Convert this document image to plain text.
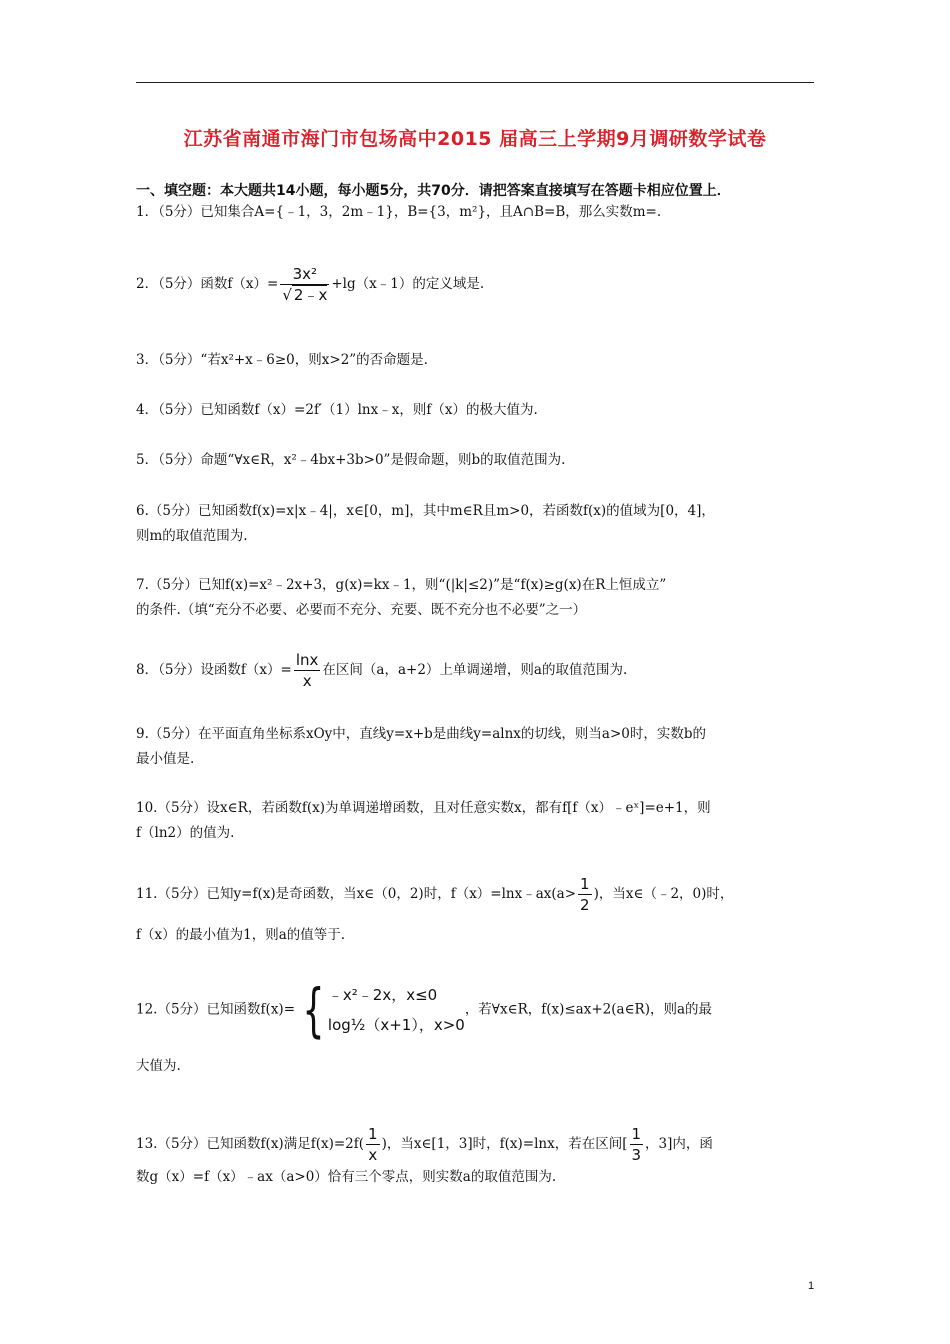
江苏省南通市海门市包场高中2015 届高三上学期9月调研数学试卷
一、填空题：本大题共14小题，每小题5分，共70分．请把答案直接填写在答题卡相应位置上．
1．（5分）已知集合A={﹣1，3，2m﹣1}，B={3，m²}，且A∩B=B，那么实数m=.
2．（5分）函数$f(x)= \frac{\text{3x²}}{√ 2﹣x}$ +lg（x﹣1）的定义域是.
3．（5分）“若x²+x﹣6≥0，则x>2”的否命题是.
4．（5分）已知函数f（x）=2f′（1）lnx﹣x，则f（x）的极大值为.
5．（5分）命题“∀x∈R，x²﹣4bx+3b>0”是假命题，则b的取值范围为.
6.（5分）已知函数f(x)=x|x﹣4|，x∈[0，m]，其中m∈R且m>0，若函数f(x)的值域为[0，4]，
则m的取值范围为.
7.（5分）已知f(x)=x²﹣2x+3，g(x)=kx﹣1，则“(|k|≤2)”是“f(x)≥g(x)在R上恒成立”
的条件.（填“充分不必要、必要而不充分、充要、既不充分也不必要”之一）
8．（5分）设函数$f(x)= \frac{\ln x}{x}$ 在区间（a，a+2）上单调递增，则a的取值范围为.
9.（5分）在平面直角坐标系xOy中，直线y=x+b是曲线y=alnx的切线，则当a>0时，实数b的
最小值是.
10.（5分）设x∈R，若函数f(x)为单调递增函数，且对任意实数x，都有f[f（x）﹣eˣ]=e+1，则
f（ln2）的值为.
11.（5分）已知y=f(x)是奇函数，当x∈（0，2)时，f（x）=lnx﹣ax(a> $\frac{1}{2}$ )，当x∈（﹣2，0)时，
f（x）的最小值为1，则a的值等于.
12.（5分）已知函数f(x)= { ﹣x²﹣2x，x≤0
log½（x+1），x>0
，若∀x∈R，f(x)≤ax+2(a∈R)，则a的最
大值为.
13.（5分）已知函数f(x)满足$f(x)=2f( \frac{1}{x}$ )，当x∈[1，3]时，f(x)=lnx，若在区间[ $\frac{1}{3}$ ，3]内，函
数g（x）=f（x）﹣ax（a>0）恰有三个零点，则实数a的取值范围为.
1
